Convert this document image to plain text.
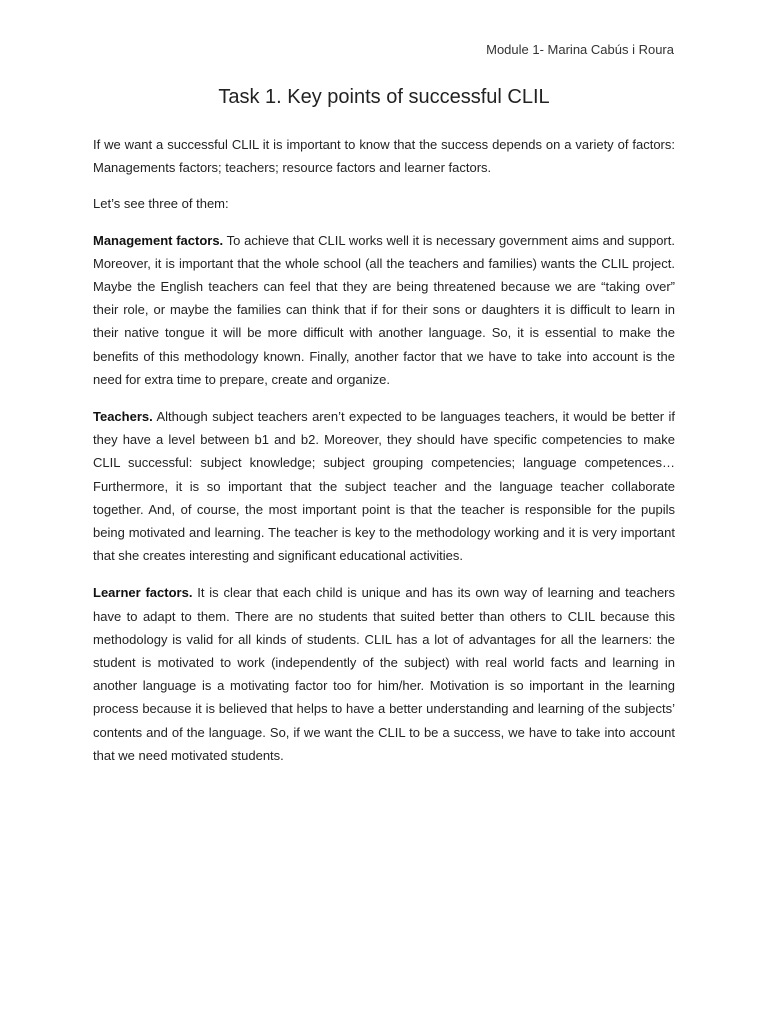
Module 1- Marina Cabús i Roura
Task 1. Key points of successful CLIL

If we want a successful CLIL it is important to know that the success depends on a variety of factors: Managements factors; teachers; resource factors and learner factors.

Let’s see three of them:

Management factors. To achieve that CLIL works well it is necessary government aims and support. Moreover, it is important that the whole school (all the teachers and families) wants the CLIL project. Maybe the English teachers can feel that they are being threatened because we are “taking over” their role, or maybe the families can think that if for their sons or daughters it is difficult to learn in their native tongue it will be more difficult with another language. So, it is essential to make the benefits of this methodology known. Finally, another factor that we have to take into account is the need for extra time to prepare, create and organize.

Teachers. Although subject teachers aren’t expected to be languages teachers, it would be better if they have a level between b1 and b2. Moreover, they should have specific competencies to make CLIL successful: subject knowledge; subject grouping competencies; language competences… Furthermore, it is so important that the subject teacher and the language teacher collaborate together. And, of course, the most important point is that the teacher is responsible for the pupils being motivated and learning. The teacher is key to the methodology working and it is very important that she creates interesting and significant educational activities.

Learner factors. It is clear that each child is unique and has its own way of learning and teachers have to adapt to them. There are no students that suited better than others to CLIL because this methodology is valid for all kinds of students. CLIL has a lot of advantages for all the learners: the student is motivated to work (independently of the subject) with real world facts and learning in another language is a motivating factor too for him/her. Motivation is so important in the learning process because it is believed that helps to have a better understanding and learning of the subjects’ contents and of the language. So, if we want the CLIL to be a success, we have to take into account that we need motivated students.
